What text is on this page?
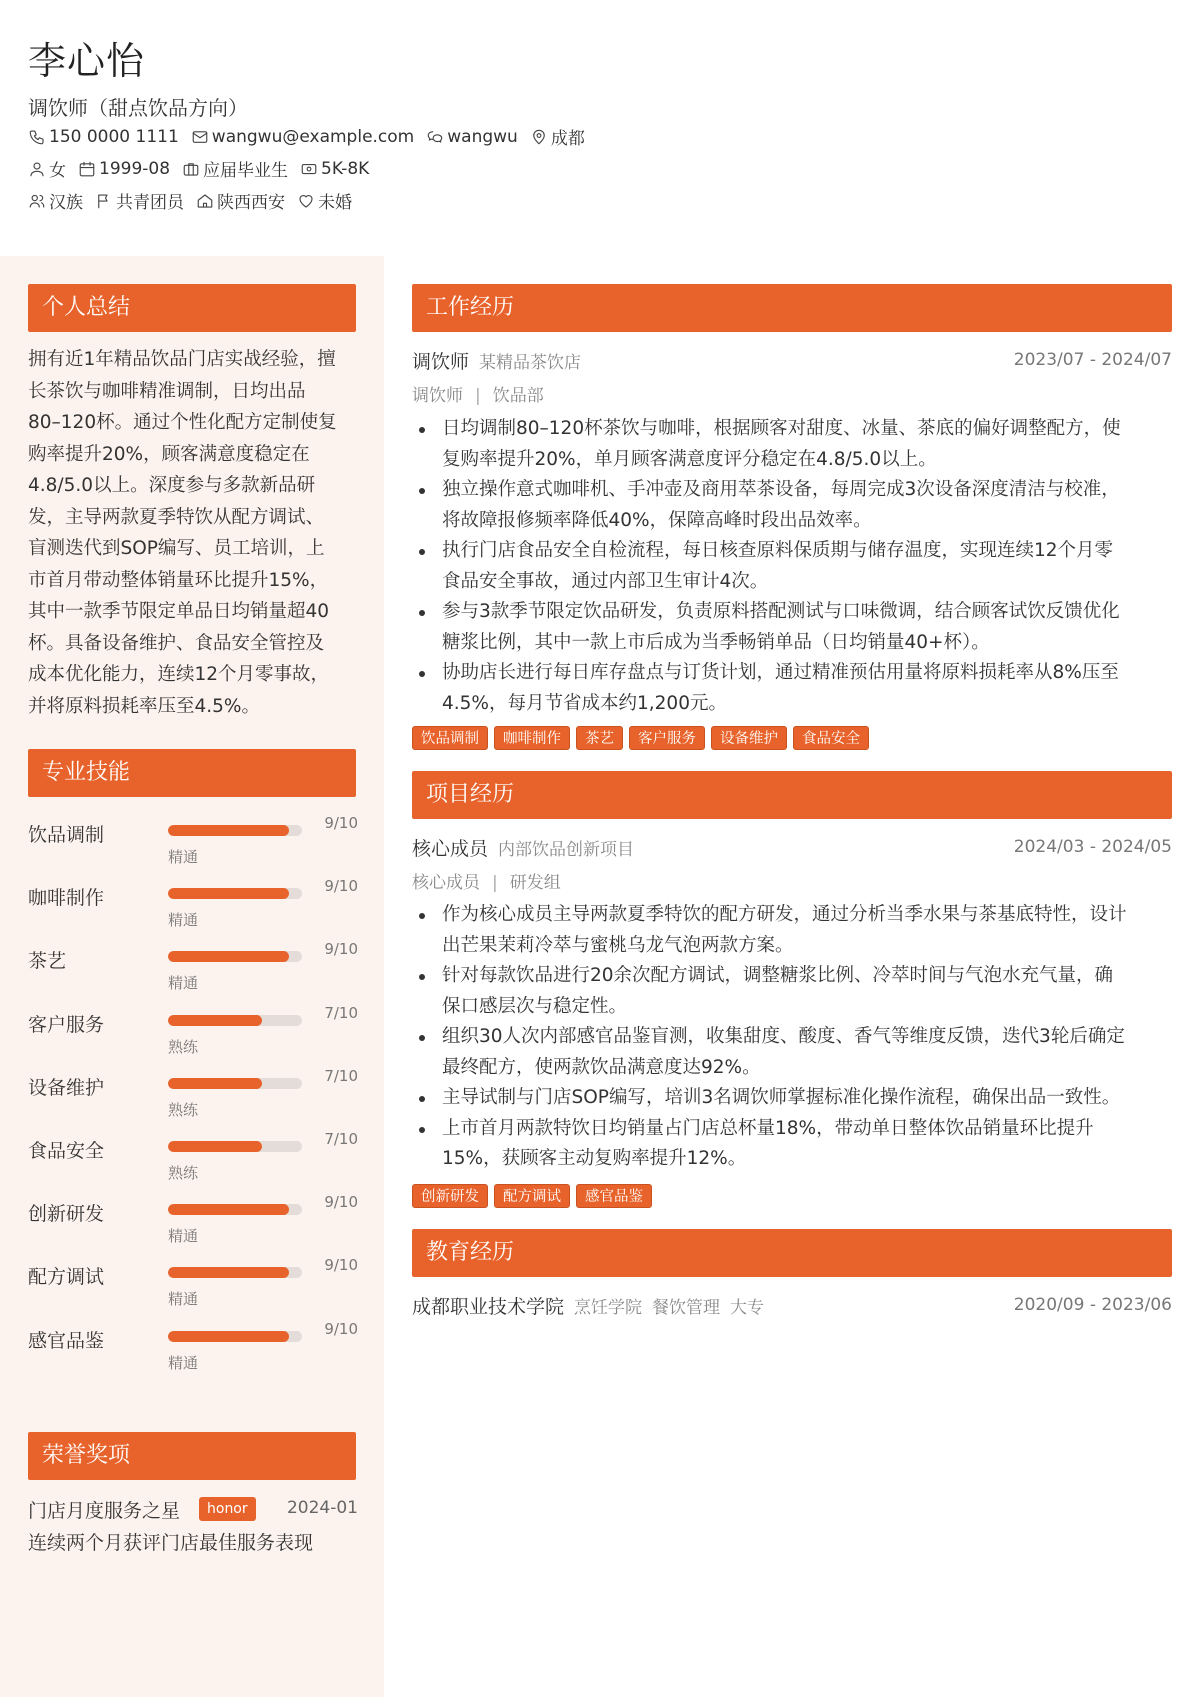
李心怡
调饮师（甜点饮品方向）
150 0000 1111 wangwu@example.com wangwu 成都
女 1999-08 应届毕业生 5K-8K
汉族 共青团员 陕西西安 未婚
个人总结
拥有近1年精品饮品门店实战经验，擅
长茶饮与咖啡精准调制，日均出品
80–120杯。通过个性化配方定制使复
购率提升20%，顾客满意度稳定在
4.8/5.0以上。深度参与多款新品研
发，主导两款夏季特饮从配方调试、
盲测迭代到SOP编写、员工培训，上
市首月带动整体销量环比提升15%，
其中一款季节限定单品日均销量超40
杯。具备设备维护、食品安全管控及
成本优化能力，连续12个月零事故，
并将原料损耗率压至4.5%。
专业技能
饮品调制
9/10
精通
咖啡制作
9/10
精通
茶艺
9/10
精通
客户服务
7/10
熟练
设备维护
7/10
熟练
食品安全
7/10
熟练
创新研发
9/10
精通
配方调试
9/10
精通
感官品鉴
9/10
精通
荣誉奖项
门店月度服务之星	honor	2024-01
连续两个月获评门店最佳服务表现
工作经历
调饮师 某精品茶饮店	2023/07 - 2024/07
调饮师 | 饮品部
日均调制80–120杯茶饮与咖啡，根据顾客对甜度、冰量、茶底的偏好调整配方，使
复购率提升20%，单月顾客满意度评分稳定在4.8/5.0以上。
独立操作意式咖啡机、手冲壶及商用萃茶设备，每周完成3次设备深度清洁与校准，
将故障报修频率降低40%，保障高峰时段出品效率。
执行门店食品安全自检流程，每日核查原料保质期与储存温度，实现连续12个月零
食品安全事故，通过内部卫生审计4次。
参与3款季节限定饮品研发，负责原料搭配测试与口味微调，结合顾客试饮反馈优化
糖浆比例，其中一款上市后成为当季畅销单品（日均销量40+杯）。
协助店长进行每日库存盘点与订货计划，通过精准预估用量将原料损耗率从8%压至
4.5%，每月节省成本约1,200元。
饮品调制	咖啡制作	茶艺	客户服务	设备维护	食品安全
项目经历
核心成员 内部饮品创新项目	2024/03 - 2024/05
核心成员 | 研发组
作为核心成员主导两款夏季特饮的配方研发，通过分析当季水果与茶基底特性，设计
出芒果茉莉冷萃与蜜桃乌龙气泡两款方案。
针对每款饮品进行20余次配方调试，调整糖浆比例、冷萃时间与气泡水充气量，确
保口感层次与稳定性。
组织30人次内部感官品鉴盲测，收集甜度、酸度、香气等维度反馈，迭代3轮后确定
最终配方，使两款饮品满意度达92%。
主导试制与门店SOP编写，培训3名调饮师掌握标准化操作流程，确保出品一致性。
上市首月两款特饮日均销量占门店总杯量18%，带动单日整体饮品销量环比提升
15%，获顾客主动复购率提升12%。
创新研发	配方调试	感官品鉴
教育经历
成都职业技术学院 烹饪学院 餐饮管理 大专	2020/09 - 2023/06
